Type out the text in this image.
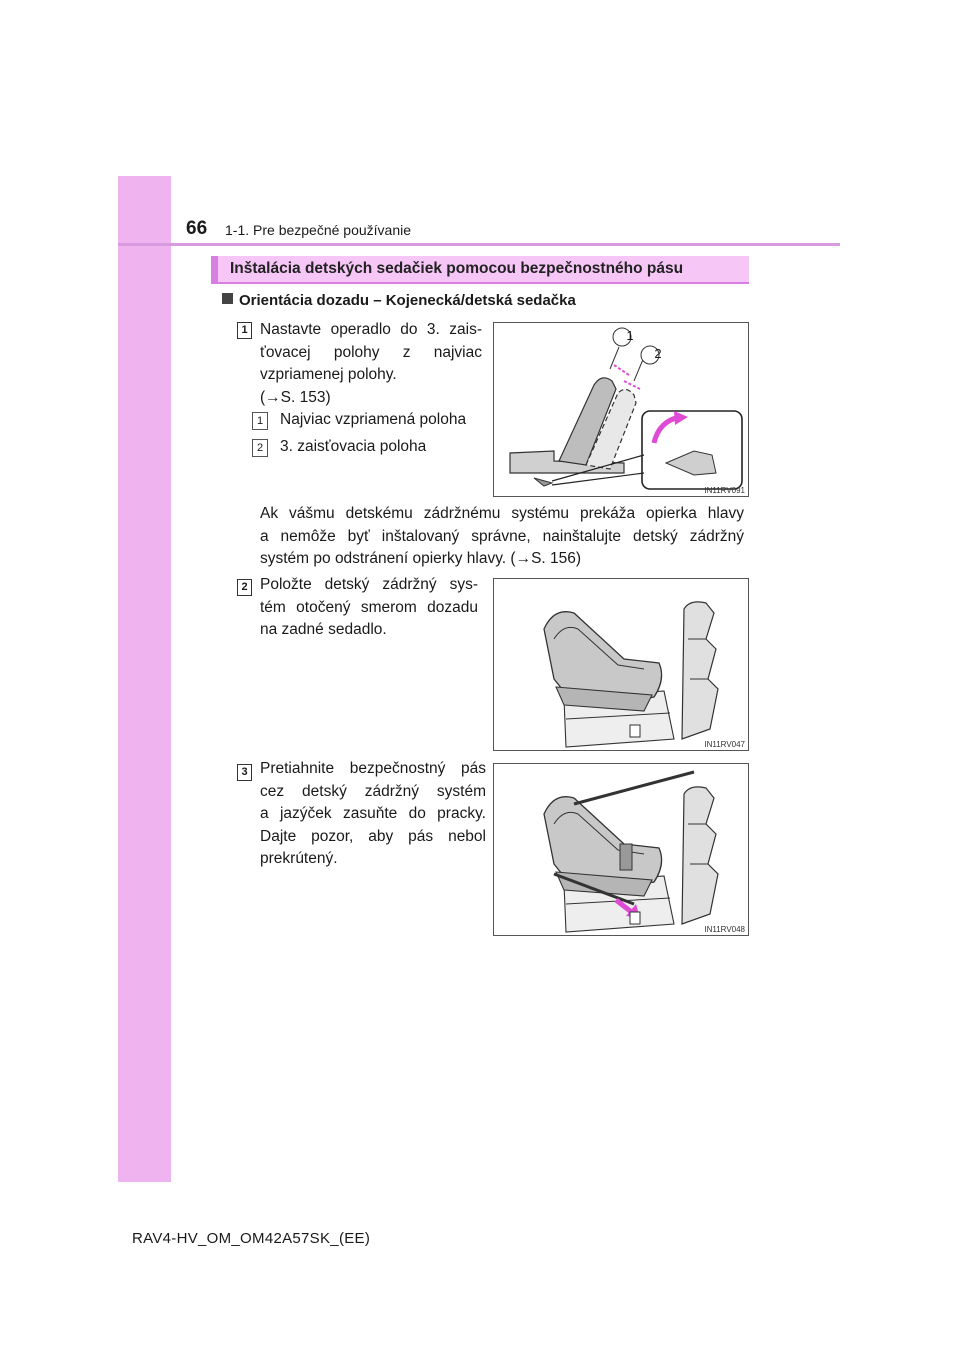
66 1-1. Pre bezpečné používanie
Inštalácia detských sedačiek pomocou bezpečnostného pásu
Orientácia dozadu – Kojenecká/detská sedačka
1 Nastavte operadlo do 3. zais-
ťovacej polohy z najviac
vzpriamenej polohy.
(→S. 153)
1	Najviac vzpriamená poloha
2	3. zaisťovacia poloha
1
2
IN11RV091
Ak vášmu detskému zádržnému systému prekáža opierka hlavy
a nemôže byť inštalovaný správne, nainštalujte detský zádržný
systém po odstránení opierky hlavy. (→S. 156)
2 Položte detský zádržný sys-
tém otočený smerom dozadu
na zadné sedadlo.
IN11RV047
3 Pretiahnite bezpečnostný pás
cez detský zádržný systém
a jazýček zasuňte do pracky.
Dajte pozor, aby pás nebol
prekrútený.
IN11RV048
RAV4-HV_OM_OM42A57SK_(EE)
